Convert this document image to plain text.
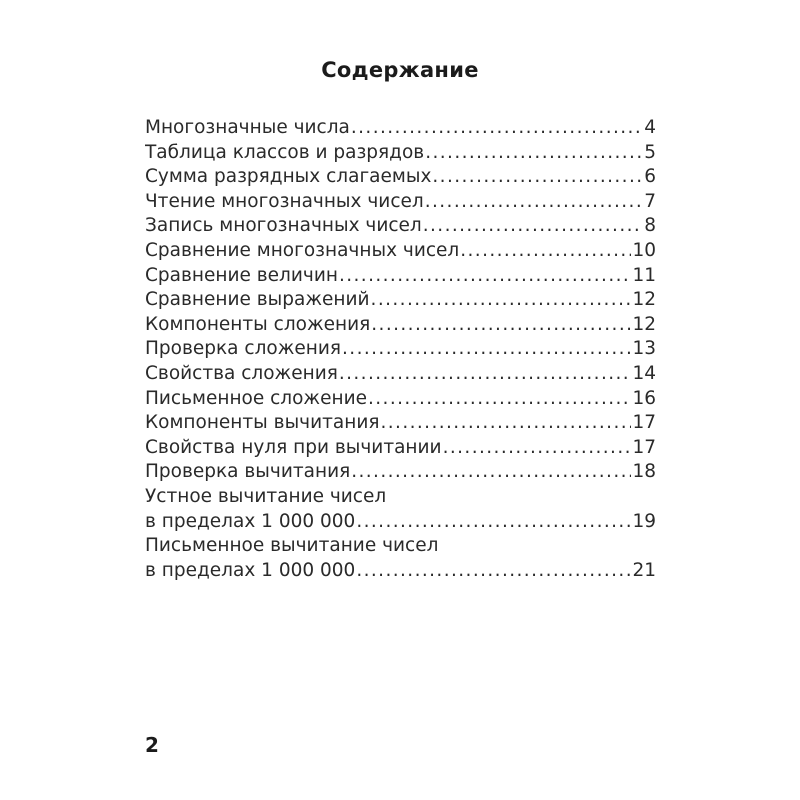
Содержание
Многозначные числа .....	4
Таблица классов и разрядов .....	5
Сумма разрядных слагаемых .....	6
Чтение многозначных чисел .....	7
Запись многозначных чисел .....	8
Сравнение многозначных чисел .....	10
Сравнение величин .....	11
Сравнение выражений .....	12
Компоненты сложения .....	12
Проверка сложения .....	13
Свойства сложения .....	14
Письменное сложение .....	16
Компоненты вычитания .....	17
Свойства нуля при вычитании .....	17
Проверка вычитания .....	18
Устное вычитание чисел
в пределах 1 000 000 .....	19
Письменное вычитание чисел
в пределах 1 000 000 .....	21
2
